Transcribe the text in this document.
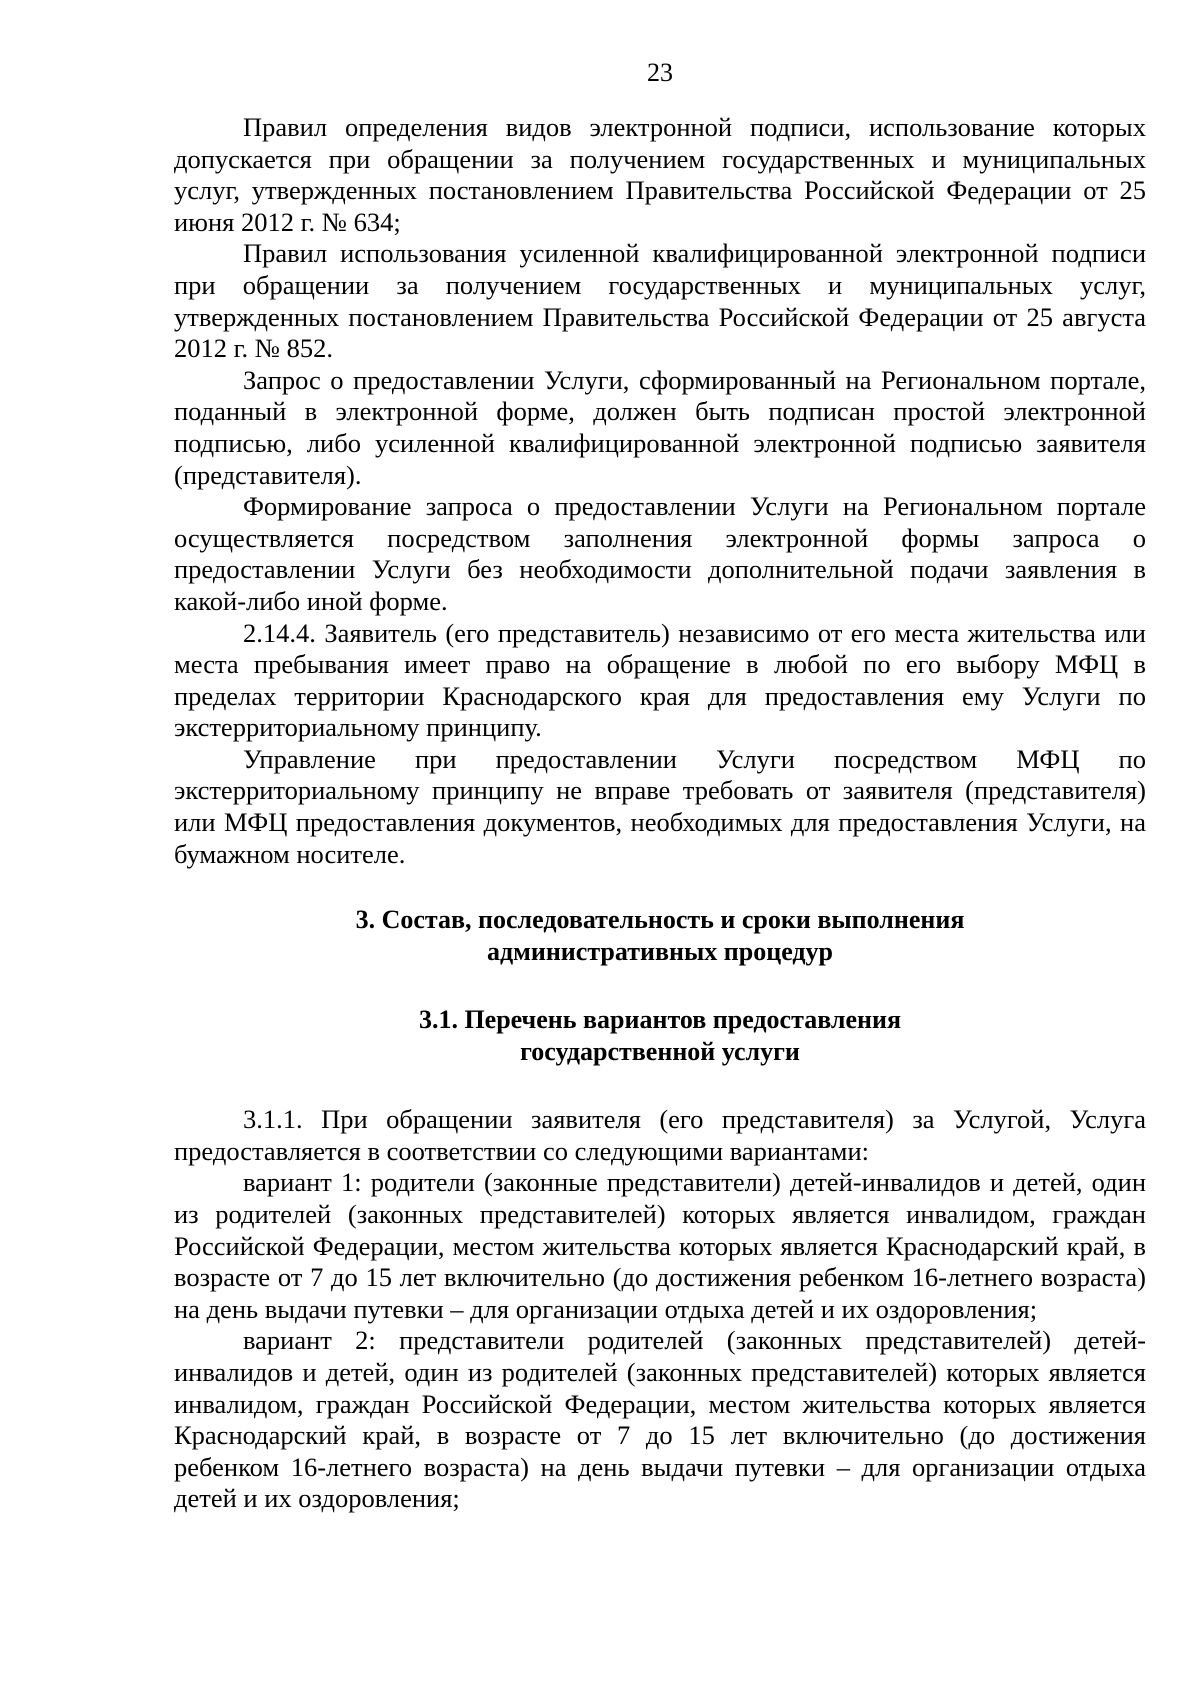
23

Правил определения видов электронной подписи, использование которых допускается при обращении за получением государственных и муниципальных услуг, утвержденных постановлением Правительства Российской Федерации от 25 июня 2012 г. № 634;

Правил использования усиленной квалифицированной электронной подписи при обращении за получением государственных и муниципальных услуг, утвержденных постановлением Правительства Российской Федерации от 25 августа 2012 г. № 852.

Запрос о предоставлении Услуги, сформированный на Региональном портале, поданный в электронной форме, должен быть подписан простой электронной подписью, либо усиленной квалифицированной электронной подписью заявителя (представителя).

Формирование запроса о предоставлении Услуги на Региональном портале осуществляется посредством заполнения электронной формы запроса о предоставлении Услуги без необходимости дополнительной подачи заявления в какой-либо иной форме.

2.14.4. Заявитель (его представитель) независимо от его места жительства или места пребывания имеет право на обращение в любой по его выбору МФЦ в пределах территории Краснодарского края для предоставления ему Услуги по экстерриториальному принципу.

Управление при предоставлении Услуги посредством МФЦ по экстерриториальному принципу не вправе требовать от заявителя (представителя) или МФЦ предоставления документов, необходимых для предоставления Услуги, на бумажном носителе.

3. Состав, последовательность и сроки выполнения
административных процедур
3.1. Перечень вариантов предоставления
государственной услуги

3.1.1. При обращении заявителя (его представителя) за Услугой, Услуга предоставляется в соответствии со следующими вариантами:

вариант 1: родители (законные представители) детей-инвалидов и детей, один из родителей (законных представителей) которых является инвалидом, граждан Российской Федерации, местом жительства которых является Краснодарский край, в возрасте от 7 до 15 лет включительно (до достижения ребенком 16-летнего возраста) на день выдачи путевки – для организации отдыха детей и их оздоровления;

вариант 2: представители родителей (законных представителей) детей-инвалидов и детей, один из родителей (законных представителей) которых является инвалидом, граждан Российской Федерации, местом жительства которых является Краснодарский край, в возрасте от 7 до 15 лет включительно (до достижения ребенком 16-летнего возраста) на день выдачи путевки – для организации отдыха детей и их оздоровления;
